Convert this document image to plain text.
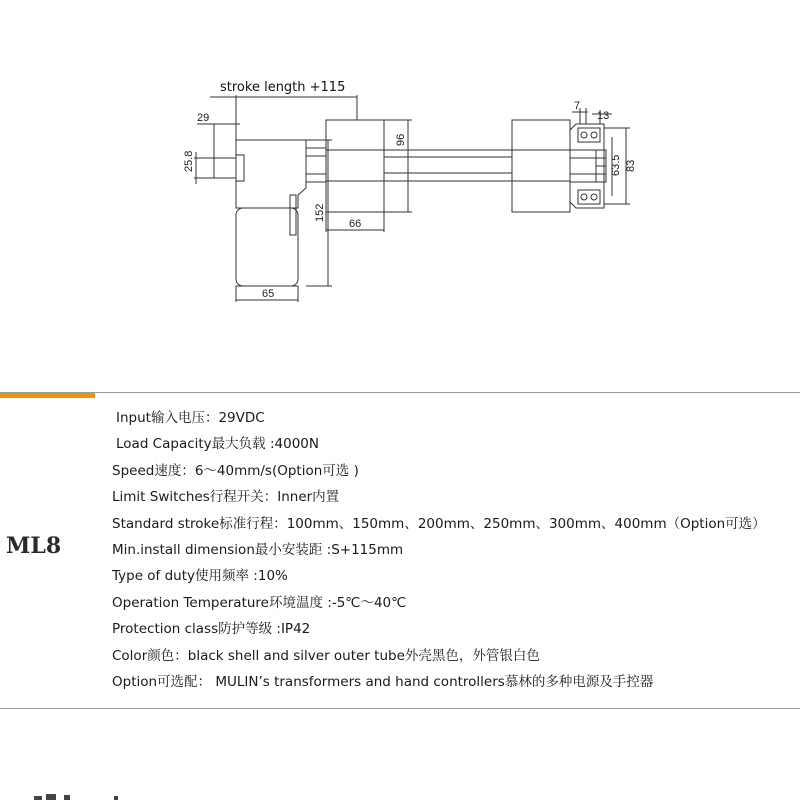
stroke length +115
29
25.8
152
65
96
66
7
13
63.5 83
ML8
Input输入电压：29VDC
Load Capacity最大负载 :4000N
Speed速度：6～40mm/s(Option可选 )
Limit Switches行程开关：Inner内置
Standard stroke标准行程：100mm、150mm、200mm、250mm、300mm、400mm（Option可选）
Min.install dimension最小安装距 :S+115mm
Type of duty使用频率 :10%
Operation Temperature环境温度 :-5℃～40℃
Protection class防护等级 :IP42
Color颜色：black shell and silver outer tube外壳黑色，外管银白色
Option可选配： MULIN’s transformers and hand controllers慕林的多种电源及手控器
